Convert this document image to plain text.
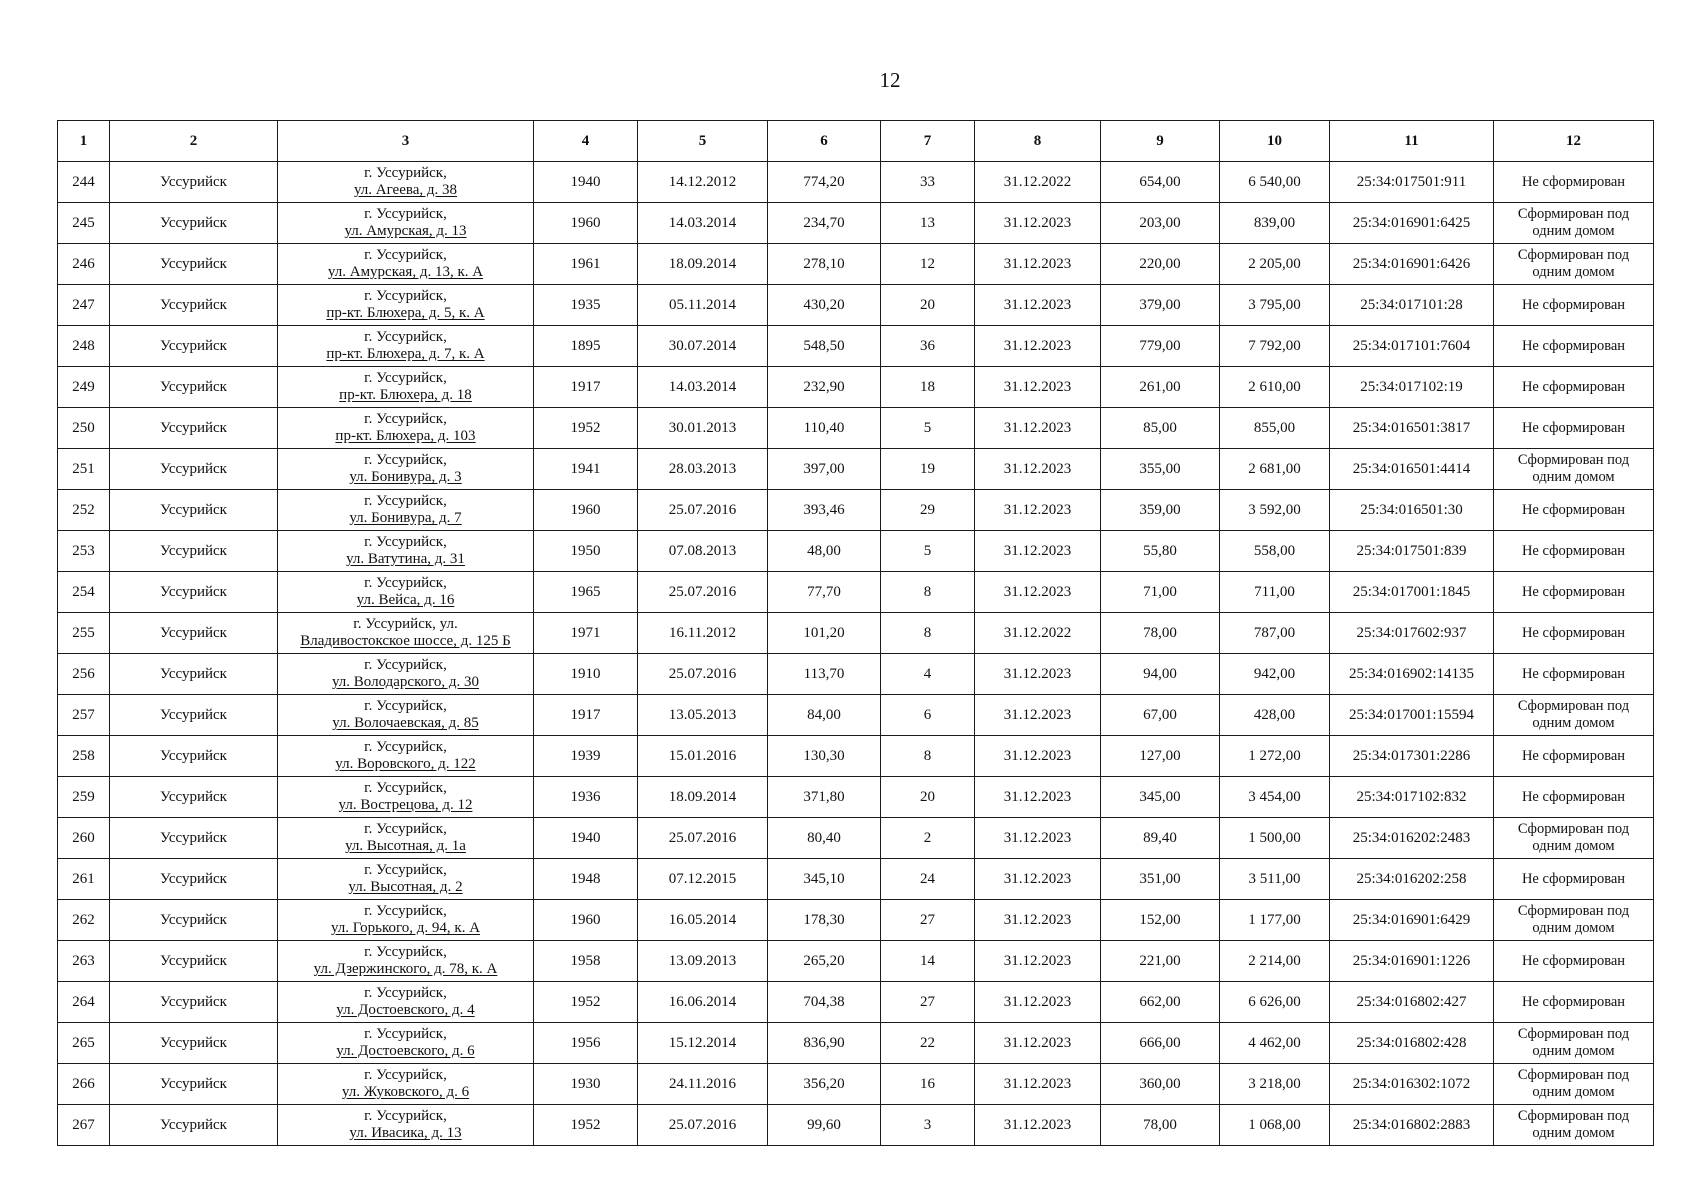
12
1	2	3	4	5	6	7	8	9	10	11	12
244	Уссурийск	г. Уссурийск,
ул. Агеева, д. 38	1940	14.12.2012	774,20	33	31.12.2022	654,00	6 540,00	25:34:017501:911	Не сформирован
245	Уссурийск	г. Уссурийск,
ул. Амурская, д. 13	1960	14.03.2014	234,70	13	31.12.2023	203,00	839,00	25:34:016901:6425	Сформирован под одним домом
246	Уссурийск	г. Уссурийск,
ул. Амурская, д. 13, к. А	1961	18.09.2014	278,10	12	31.12.2023	220,00	2 205,00	25:34:016901:6426	Сформирован под одним домом
247	Уссурийск	г. Уссурийск,
пр-кт. Блюхера, д. 5, к. А	1935	05.11.2014	430,20	20	31.12.2023	379,00	3 795,00	25:34:017101:28	Не сформирован
248	Уссурийск	г. Уссурийск,
пр-кт. Блюхера, д. 7, к. А	1895	30.07.2014	548,50	36	31.12.2023	779,00	7 792,00	25:34:017101:7604	Не сформирован
249	Уссурийск	г. Уссурийск,
пр-кт. Блюхера, д. 18	1917	14.03.2014	232,90	18	31.12.2023	261,00	2 610,00	25:34:017102:19	Не сформирован
250	Уссурийск	г. Уссурийск,
пр-кт. Блюхера, д. 103	1952	30.01.2013	110,40	5	31.12.2023	85,00	855,00	25:34:016501:3817	Не сформирован
251	Уссурийск	г. Уссурийск,
ул. Бонивура, д. 3	1941	28.03.2013	397,00	19	31.12.2023	355,00	2 681,00	25:34:016501:4414	Сформирован под одним домом
252	Уссурийск	г. Уссурийск,
ул. Бонивура, д. 7	1960	25.07.2016	393,46	29	31.12.2023	359,00	3 592,00	25:34:016501:30	Не сформирован
253	Уссурийск	г. Уссурийск,
ул. Ватутина, д. 31	1950	07.08.2013	48,00	5	31.12.2023	55,80	558,00	25:34:017501:839	Не сформирован
254	Уссурийск	г. Уссурийск,
ул. Вейса, д. 16	1965	25.07.2016	77,70	8	31.12.2023	71,00	711,00	25:34:017001:1845	Не сформирован
255	Уссурийск	г. Уссурийск, ул.
Владивостокское шоссе, д. 125 Б	1971	16.11.2012	101,20	8	31.12.2022	78,00	787,00	25:34:017602:937	Не сформирован
256	Уссурийск	г. Уссурийск,
ул. Володарского, д. 30	1910	25.07.2016	113,70	4	31.12.2023	94,00	942,00	25:34:016902:14135	Не сформирован
257	Уссурийск	г. Уссурийск,
ул. Волочаевская, д. 85	1917	13.05.2013	84,00	6	31.12.2023	67,00	428,00	25:34:017001:15594	Сформирован под одним домом
258	Уссурийск	г. Уссурийск,
ул. Воровского, д. 122	1939	15.01.2016	130,30	8	31.12.2023	127,00	1 272,00	25:34:017301:2286	Не сформирован
259	Уссурийск	г. Уссурийск,
ул. Вострецова, д. 12	1936	18.09.2014	371,80	20	31.12.2023	345,00	3 454,00	25:34:017102:832	Не сформирован
260	Уссурийск	г. Уссурийск,
ул. Высотная, д. 1а	1940	25.07.2016	80,40	2	31.12.2023	89,40	1 500,00	25:34:016202:2483	Сформирован под одним домом
261	Уссурийск	г. Уссурийск,
ул. Высотная, д. 2	1948	07.12.2015	345,10	24	31.12.2023	351,00	3 511,00	25:34:016202:258	Не сформирован
262	Уссурийск	г. Уссурийск,
ул. Горького, д. 94, к. А	1960	16.05.2014	178,30	27	31.12.2023	152,00	1 177,00	25:34:016901:6429	Сформирован под одним домом
263	Уссурийск	г. Уссурийск,
ул. Дзержинского, д. 78, к. А	1958	13.09.2013	265,20	14	31.12.2023	221,00	2 214,00	25:34:016901:1226	Не сформирован
264	Уссурийск	г. Уссурийск,
ул. Достоевского, д. 4	1952	16.06.2014	704,38	27	31.12.2023	662,00	6 626,00	25:34:016802:427	Не сформирован
265	Уссурийск	г. Уссурийск,
ул. Достоевского, д. 6	1956	15.12.2014	836,90	22	31.12.2023	666,00	4 462,00	25:34:016802:428	Сформирован под одним домом
266	Уссурийск	г. Уссурийск,
ул. Жуковского, д. 6	1930	24.11.2016	356,20	16	31.12.2023	360,00	3 218,00	25:34:016302:1072	Сформирован под одним домом
267	Уссурийск	г. Уссурийск,
ул. Ивасика, д. 13	1952	25.07.2016	99,60	3	31.12.2023	78,00	1 068,00	25:34:016802:2883	Сформирован под одним домом
